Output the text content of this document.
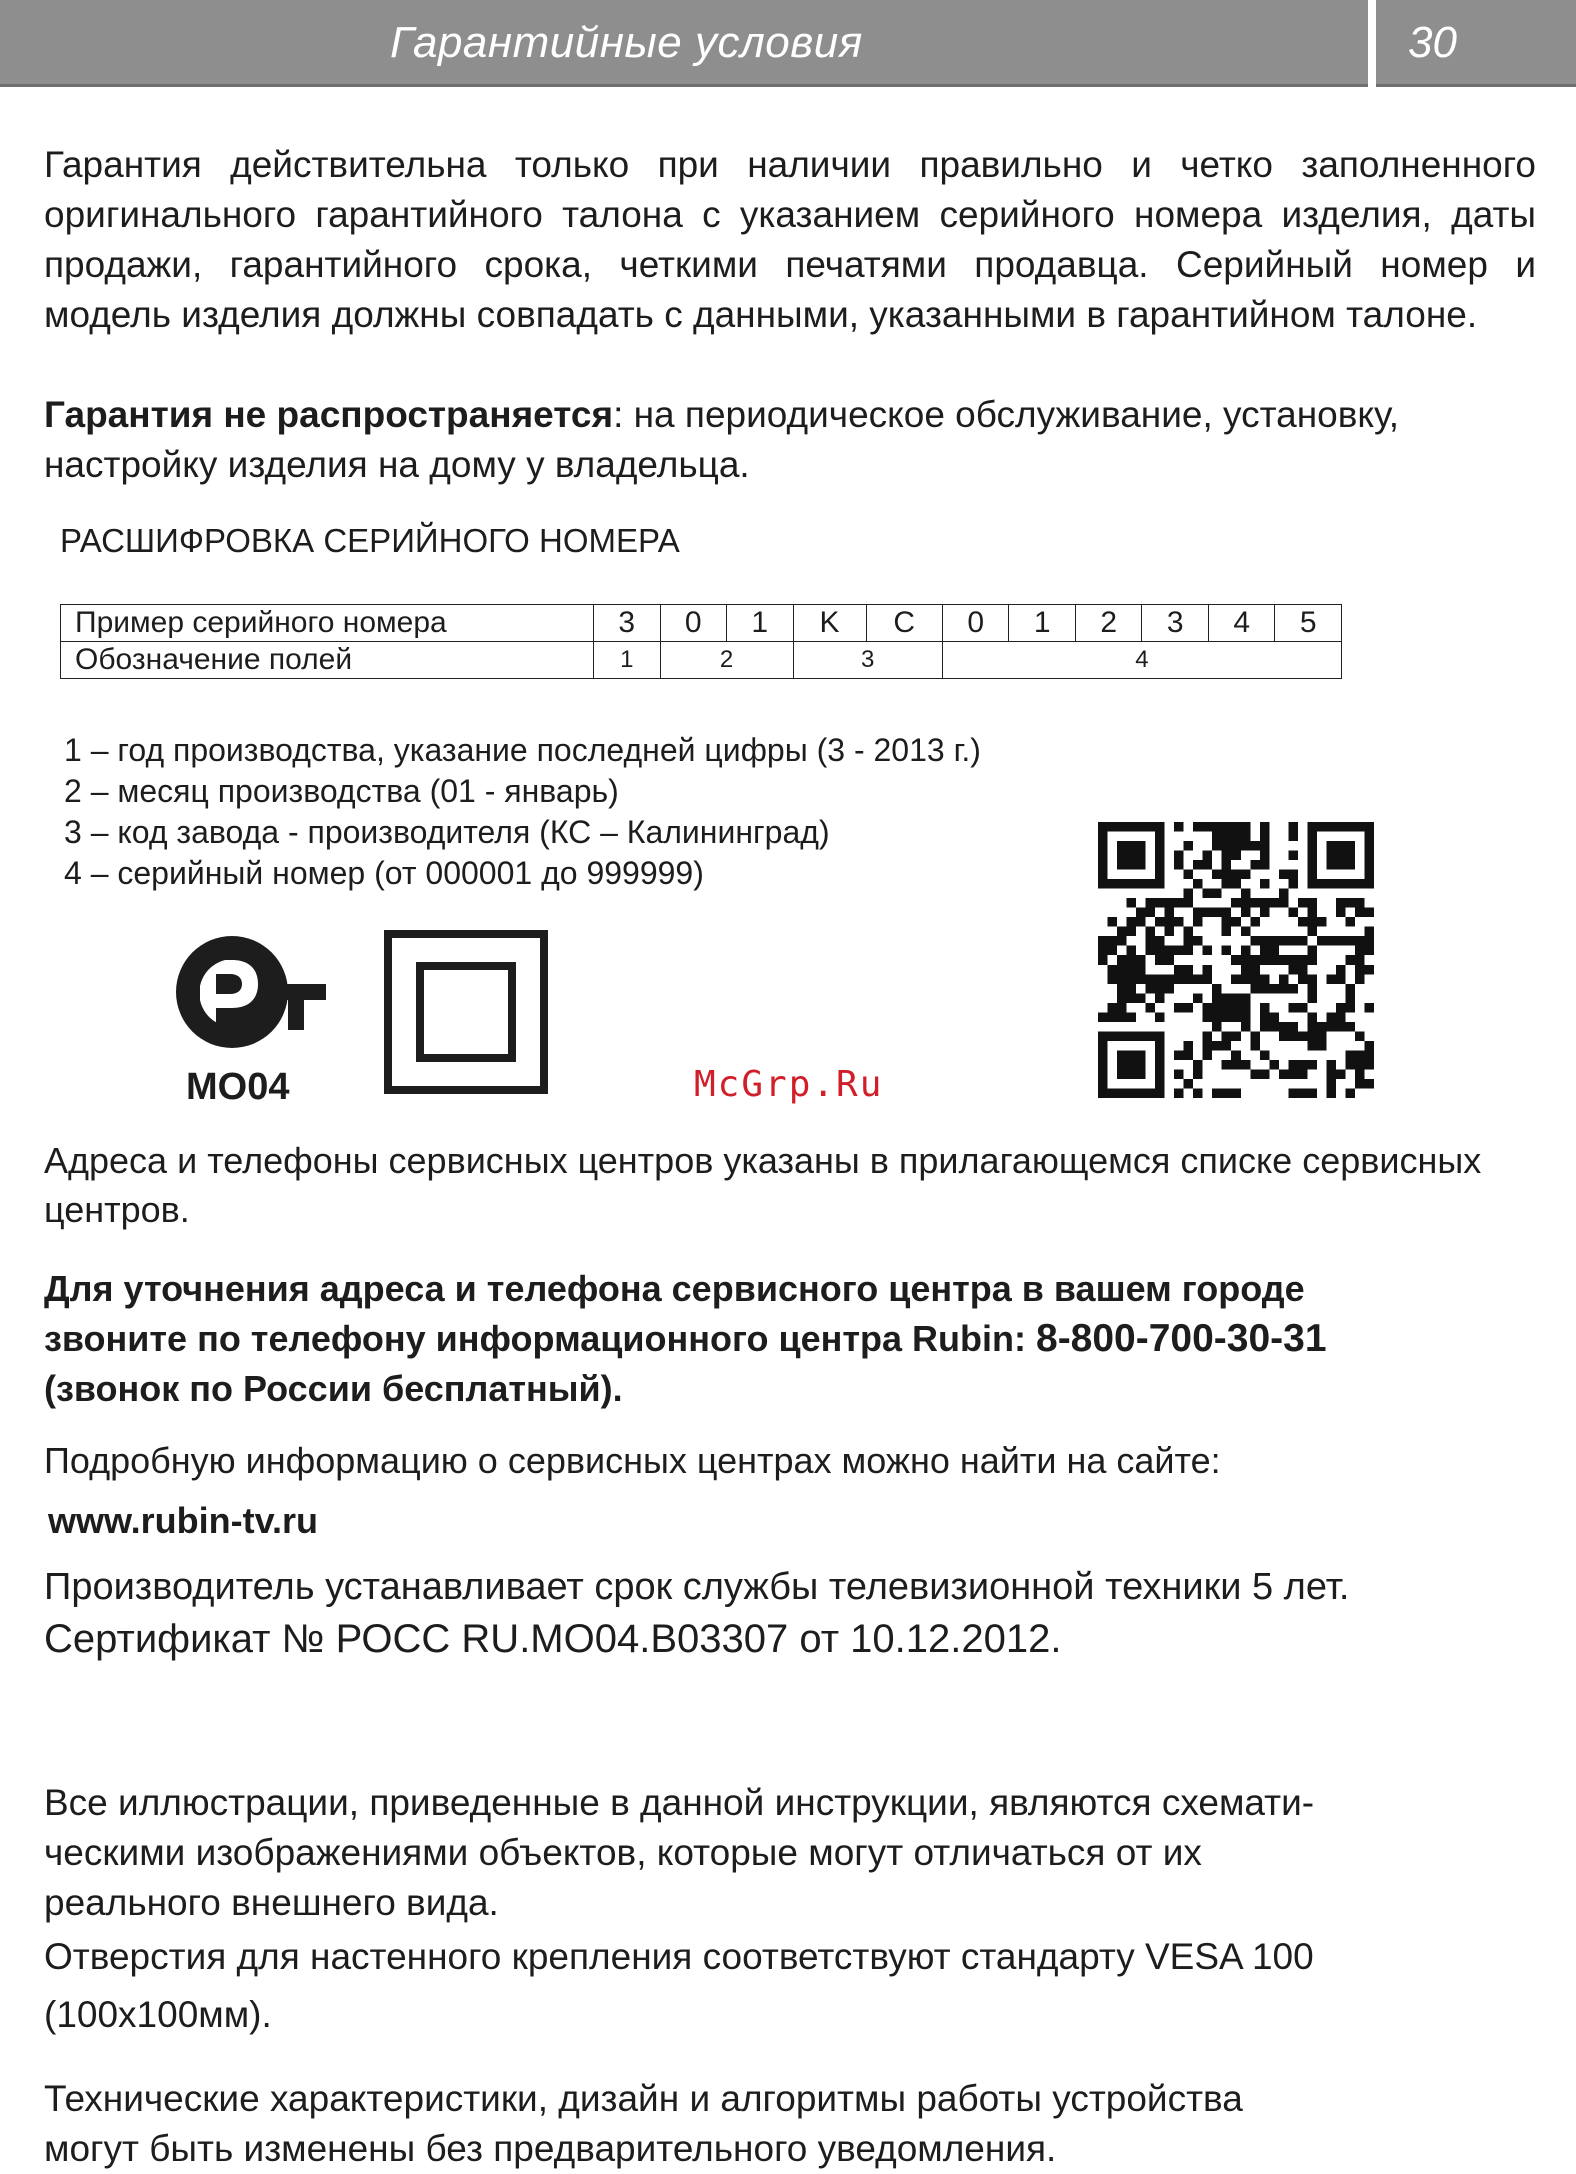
Гарантийные условия	30

Гарантия действительна только при наличии правильно и четко заполненного оригинального гарантийного талона с указанием серийного номера изделия, даты продажи, гарантийного срока, четкими печатями продавца. Серийный номер и модель изделия должны совпадать с данными, указанными в гарантийном талоне.

Гарантия не распространяется: на периодическое обслуживание, установку, настройку изделия на дому у владельца.

РАСШИФРОВКА СЕРИЙНОГО НОМЕРА

Пример серийного номера	3	0	1	K	C	0	1	2	3	4	5
Обозначение полей	1	2		3		4					
1 – год производства, указание последней цифры (3 - 2013 г.)
2 – месяц производства (01 - январь)
3 – код завода - производителя (КС – Калининград)
4 – серийный номер (от 000001 до 999999)
МО04	McGrp.Ru

Адреса и телефоны сервисных центров указаны в прилагающемся списке сервисных центров.

Для уточнения адреса и телефона сервисного центра в вашем городе
звоните по телефону информационного центра Rubin: 8-800-700-30-31
(звонок по России бесплатный).

Подробную информацию о сервисных центрах можно найти на сайте:

www.rubin-tv.ru

Производитель устанавливает срок службы телевизионной техники 5 лет.

Сертификат № РОСС RU.МО04.В03307 от 10.12.2012.

Все иллюстрации, приведенные в данной инструкции, являются схемати-
ческими изображениями объектов, которые могут отличаться от их
реального внешнего вида.

Отверстия для настенного крепления соответствуют стандарту VESA 100
(100x100мм).

Технические характеристики, дизайн и алгоритмы работы устройства
могут быть изменены без предварительного уведомления.
